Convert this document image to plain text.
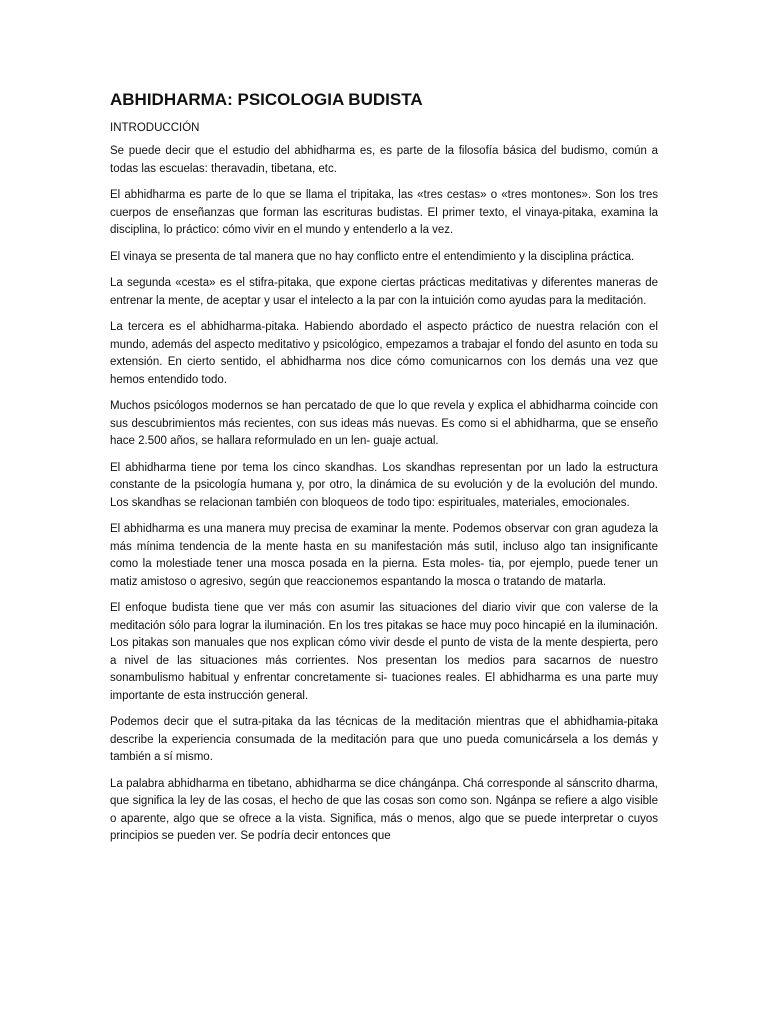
ABHIDHARMA: PSICOLOGIA BUDISTA
INTRODUCCIÓN

Se puede decir que el estudio del abhidharma es, es parte de la filosofía básica del budismo, común a todas las escuelas: theravadin, tibetana, etc.

El abhidharma es parte de lo que se llama el tripitaka, las «tres cestas» o «tres montones». Son los tres cuerpos de enseñanzas que forman las escrituras budistas. El primer texto, el vinaya-pitaka, examina la disciplina, lo práctico: cómo vivir en el mundo y entenderlo a la vez.

El vinaya se presenta de tal manera que no hay conflicto entre el entendimiento y la disciplina práctica.

La segunda «cesta» es el stifra-pitaka, que expone ciertas prácticas meditativas y diferentes maneras de entrenar la mente, de aceptar y usar el intelecto a la par con la intuición como ayudas para la meditación.

La tercera es el abhidharma-pitaka. Habiendo abordado el aspecto práctico de nuestra relación con el mundo, además del aspecto meditativo y psicológico, empezamos a trabajar el fondo del asunto en toda su extensión. En cierto sentido, el abhidharma nos dice cómo comunicarnos con los demás una vez que hemos entendido todo.

Muchos psicólogos modernos se han percatado de que lo que revela y explica el abhidharma coincide con sus descubrimientos más recientes, con sus ideas más nuevas. Es como si el abhidharma, que se enseño hace 2.500 años, se hallara reformulado en un len- guaje actual.

El abhidharma tiene por tema los cinco skandhas. Los skandhas representan por un lado la estructura constante de la psicología humana y, por otro, la dinámica de su evolución y de la evolución del mundo. Los skandhas se relacionan también con bloqueos de todo tipo: espirituales, materiales, emocionales.

El abhidharma es una manera muy precisa de examinar la mente. Podemos observar con gran agudeza la más mínima tendencia de la mente hasta en su manifestación más sutil, incluso algo tan insignificante como la molestiade tener una mosca posada en la pierna. Esta moles- tia, por ejemplo, puede tener un matiz amistoso o agresivo, según que reaccionemos espantando la mosca o tratando de matarla.

El enfoque budista tiene que ver más con asumir las situaciones del diario vivir que con valerse de la meditación sólo para lograr la iluminación. En los tres pitakas se hace muy poco hincapié en la iluminación. Los pitakas son manuales que nos explican cómo vivir desde el punto de vista de la mente despierta, pero a nivel de las situaciones más corrientes. Nos presentan los medios para sacarnos de nuestro sonambulismo habitual y enfrentar concretamente si- tuaciones reales. El abhidharma es una parte muy importante de esta instrucción general.

Podemos decir que el sutra-pitaka da las técnicas de la meditación mientras que el abhidhamia-pitaka describe la experiencia consumada de la meditación para que uno pueda comunicársela a los demás y también a sí mismo.

La palabra abhidharma en tibetano, abhidharma se dice chángánpa. Chá corresponde al sánscrito dharma, que significa la ley de las cosas, el hecho de que las cosas son como son. Ngánpa se refiere a algo visible o aparente, algo que se ofrece a la vista. Significa, más o menos, algo que se puede interpretar o cuyos principios se pueden ver. Se podría decir entonces que
